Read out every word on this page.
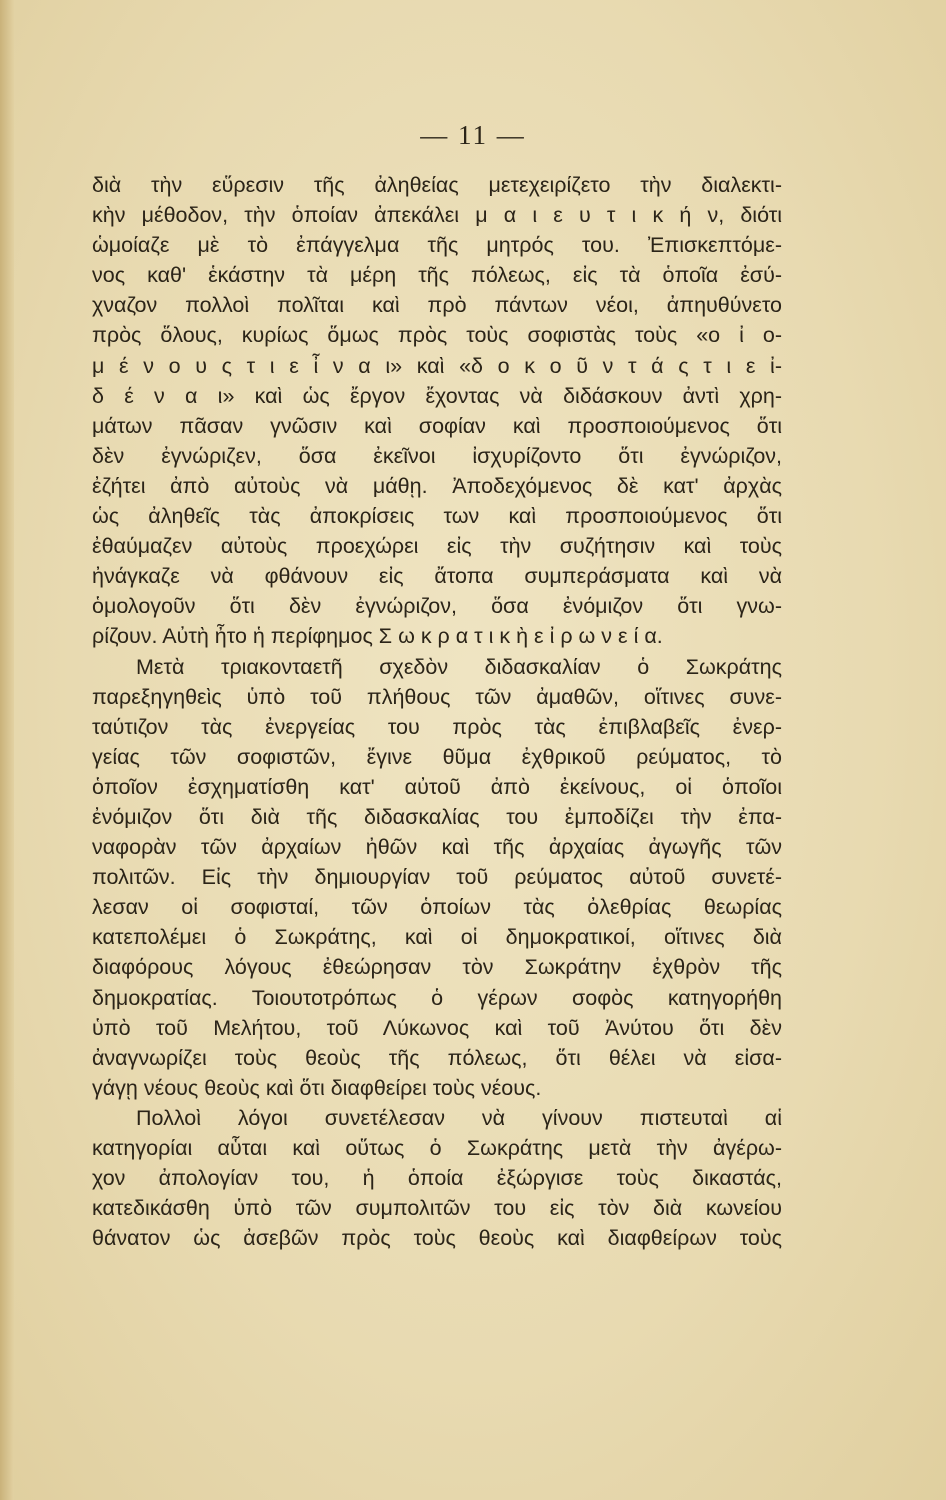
— 11 —
διὰ τὴν εὕρεσιν τῆς ἀληθείας μετεχειρίζετο τὴν διαλεκτι-
κὴν μέθοδον, τὴν ὁποίαν ἀπεκάλει μ α ι ε υ τ ι κ ή ν, διότι
ὡμοίαζε μὲ τὸ ἐπάγγελμα τῆς μητρός του. Ἐπισκεπτόμε-
νος καθ' ἑκάστην τὰ μέρη τῆς πόλεως, εἰς τὰ ὁποῖα ἐσύ-
χναζον πολλοὶ πολῖται καὶ πρὸ πάντων νέοι, ἀπηυθύνετο
πρὸς ὅλους, κυρίως ὅμως πρὸς τοὺς σοφιστὰς τοὺς «ο ἰ ο-
μ έ ν ο υ ς τ ι ε ἶ ν α ι» καὶ «δ ο κ ο ῦ ν τ ά ς τ ι ε ἰ-
δ έ ν α ι» καὶ ὡς ἔργον ἔχοντας νὰ διδάσκουν ἀντὶ χρη-
μάτων πᾶσαν γνῶσιν καὶ σοφίαν καὶ προσποιούμενος ὅτι
δὲν ἐγνώριζεν, ὅσα ἐκεῖνοι ἰσχυρίζοντο ὅτι ἐγνώριζον,
ἐζήτει ἀπὸ αὐτοὺς νὰ μάθῃ. Ἀποδεχόμενος δὲ κατ' ἀρχὰς
ὡς ἀληθεῖς τὰς ἀποκρίσεις των καὶ προσποιούμενος ὅτι
ἐθαύμαζεν αὐτοὺς προεχώρει εἰς τὴν συζήτησιν καὶ τοὺς
ἠνάγκαζε νὰ φθάνουν εἰς ἄτοπα συμπεράσματα καὶ νὰ
ὁμολογοῦν ὅτι δὲν ἐγνώριζον, ὅσα ἐνόμιζον ὅτι γνω-
ρίζουν. Αὐτὴ ἦτο ἡ περίφημος Σ ω κ ρ α τ ι κ ὴ ε ἰ ρ ω ν ε ί α.
Μετὰ τριακονταετῆ σχεδὸν διδασκαλίαν ὁ Σωκράτης
παρεξηγηθεὶς ὑπὸ τοῦ πλήθους τῶν ἀμαθῶν, οἵτινες συνε-
ταύτιζον τὰς ἐνεργείας του πρὸς τὰς ἐπιβλαβεῖς ἐνερ-
γείας τῶν σοφιστῶν, ἔγινε θῦμα ἐχθρικοῦ ρεύματος, τὸ
ὁποῖον ἐσχηματίσθη κατ' αὐτοῦ ἀπὸ ἐκείνους, οἱ ὁποῖοι
ἐνόμιζον ὅτι διὰ τῆς διδασκαλίας του ἐμποδίζει τὴν ἐπα-
ναφορὰν τῶν ἀρχαίων ἠθῶν καὶ τῆς ἀρχαίας ἀγωγῆς τῶν
πολιτῶν. Εἰς τὴν δημιουργίαν τοῦ ρεύματος αὐτοῦ συνετέ-
λεσαν οἱ σοφισταί, τῶν ὁποίων τὰς ὀλεθρίας θεωρίας
κατεπολέμει ὁ Σωκράτης, καὶ οἱ δημοκρατικοί, οἵτινες διὰ
διαφόρους λόγους ἐθεώρησαν τὸν Σωκράτην ἐχθρὸν τῆς
δημοκρατίας. Τοιουτοτρόπως ὁ γέρων σοφὸς κατηγορήθη
ὑπὸ τοῦ Μελήτου, τοῦ Λύκωνος καὶ τοῦ Ἀνύτου ὅτι δὲν
ἀναγνωρίζει τοὺς θεοὺς τῆς πόλεως, ὅτι θέλει νὰ εἰσα-
γάγῃ νέους θεοὺς καὶ ὅτι διαφθείρει τοὺς νέους.
Πολλοὶ λόγοι συνετέλεσαν νὰ γίνουν πιστευταὶ αἱ
κατηγορίαι αὗται καὶ οὕτως ὁ Σωκράτης μετὰ τὴν ἀγέρω-
χον ἀπολογίαν του, ἡ ὁποία ἐξώργισε τοὺς δικαστάς,
κατεδικάσθη ὑπὸ τῶν συμπολιτῶν του εἰς τὸν διὰ κωνείου
θάνατον ὡς ἀσεβῶν πρὸς τοὺς θεοὺς καὶ διαφθείρων τοὺς
